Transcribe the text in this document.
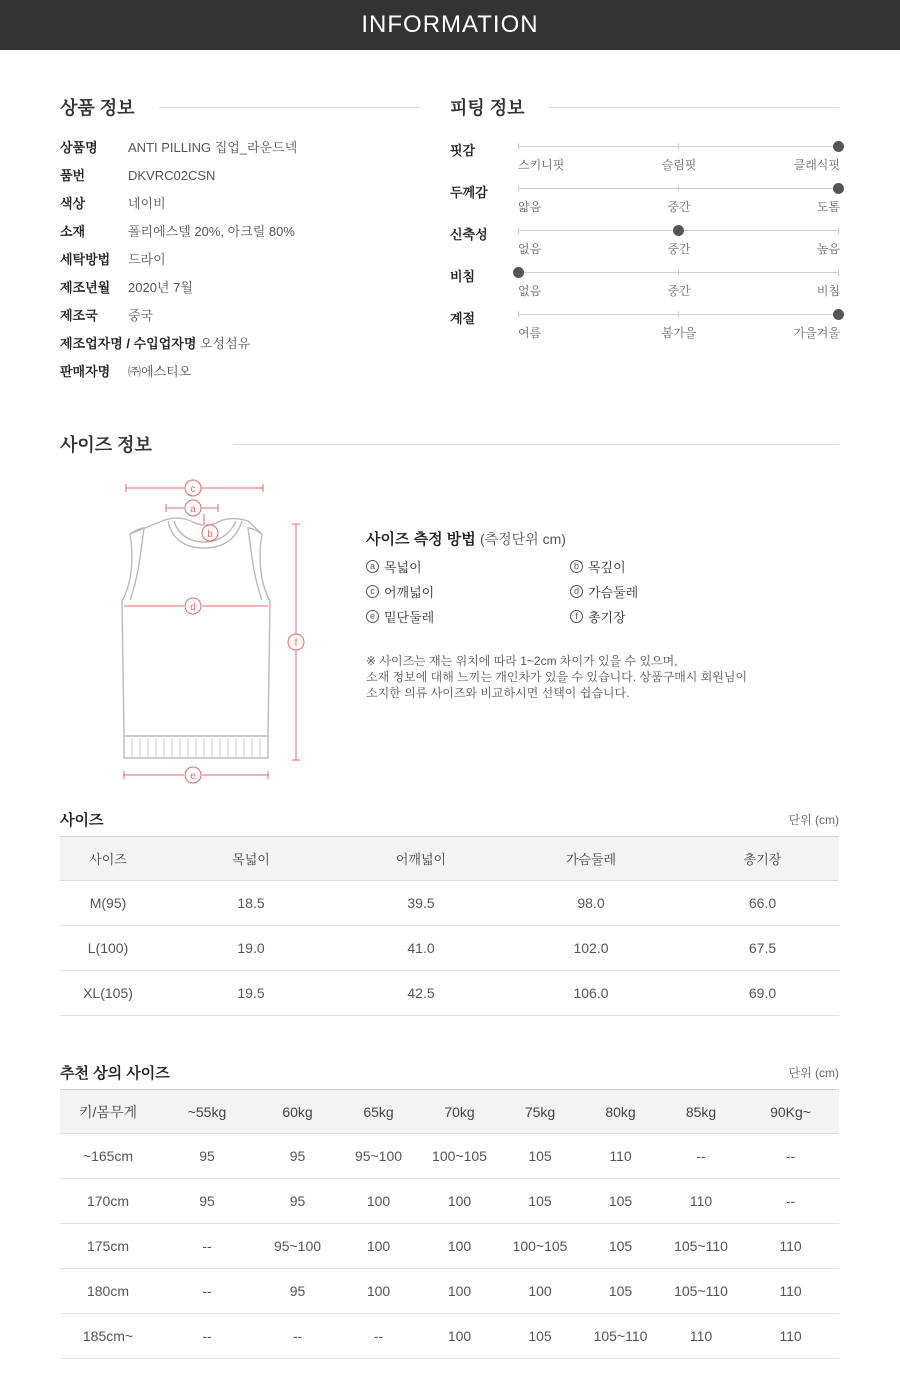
INFORMATION
상품 정보
상품명 ANTI PILLING 집업_라운드넥
품번	DKVRC02CSN
색상	네이비
소재	폴리에스텔 20%, 아크릴 80%
세탁방법 드라이
제조년월 2020년 7월
제조국 중국
제조업자명 / 수입업자명 오성섬유
판매자명 ㈜에스티오
피팅 정보
핏감
스키니핏	슬림핏	클래식핏
두께감
얇음	중간	도톰
신축성
없음	중간	높음
비침
없음	중간	비침
계절
여름	봄가을	가을겨울
사이즈 정보
c
a
b
d
e
f
사이즈 측정 방법 (측정단위 cm)
a 목넓이	b 목깊이
c 어깨넓이	d 가슴둘레
e 밑단둘레	f 총기장
※ 사이즈는 재는 위치에 따라 1~2cm 차이가 있을 수 있으며,
소재 정보에 대해 느끼는 개인차가 있을 수 있습니다. 상품구매시 회원님이
소지한 의류 사이즈와 비교하시면 선택이 쉽습니다.
사이즈	단위 (cm)
사이즈	목넓이	어깨넓이	가슴둘레	총기장
M(95)	18.5	39.5	98.0	66.0
L(100)	19.0	41.0	102.0	67.5
XL(105)	19.5	42.5	106.0	69.0
추천 상의 사이즈	단위 (cm)
키/몸무게	~55kg	60kg	65kg	70kg	75kg	80kg	85kg	90Kg~
~165cm	95	95	95~100	100~105	105	110	--	--
170cm	95	95	100	100	105	105	110	--
175cm	--	95~100	100	100	100~105	105	105~110	110
180cm	--	95	100	100	100	105	105~110	110
185cm~	--	--	--	100	105	105~110	110	110
